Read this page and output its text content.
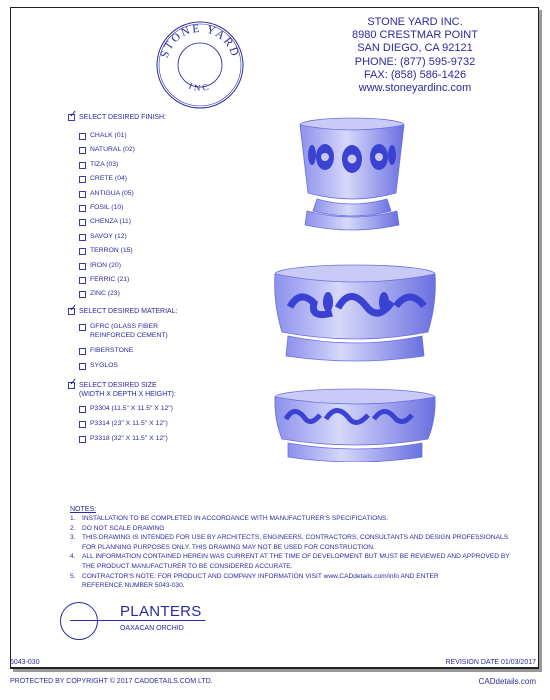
STONE YARD
INC
STONE YARD INC.
8980 CRESTMAR POINT
SAN DIEGO, CA 92121
PHONE: (877) 595-9732
FAX: (858) 586-1426
www.stoneyardinc.com
✓ SELECT DESIRED FINISH:
✓ SELECT DESIRED MATERIAL:
GFRC (GLASS FIBER
REINFORCED CEMENT)
FIBERSTONE
SYGLOS
✓ SELECT DESIRED SIZE
(WIDTH X DEPTH X HEIGHT):
P3304 (11.5" X 11.5" X 12")
P3314 (23" X 11.5" X 12")
P3318 (32" X 11.5" X 12")
NOTES:
1. INSTALLATION TO BE COMPLETED IN ACCORDANCE WITH MANUFACTURER'S SPECIFICATIONS.
2. DO NOT SCALE DRAWING
3. THIS DRAWING IS INTENDED FOR USE BY ARCHITECTS, ENGINEERS, CONTRACTORS, CONSULTANTS AND DESIGN PROFESSIONALS
FOR PLANNING PURPOSES ONLY. THIS DRAWING MAY NOT BE USED FOR CONSTRUCTION.
4. ALL INFORMATION CONTAINED HEREIN WAS CURRENT AT THE TIME OF DEVELOPMENT BUT MUST BE REVIEWED AND APPROVED BY
THE PRODUCT MANUFACTURER TO BE CONSIDERED ACCURATE.
5. CONTRACTOR'S NOTE: FOR PRODUCT AND COMPANY INFORMATION VISIT www.CADdetails.com/info AND ENTER
REFERENCE NUMBER 5043-030.
PLANTERS
OAXACAN ORCHID
5043-030	REVISION DATE 01/03/2017
PROTECTED BY COPYRIGHT © 2017 CADDETAILS.COM LTD.	CADdetails.com
CHALK (01)
NATURAL (02)
TIZA (03)
CRETE (04)
ANTIGUA (05)
FOSIL (10)
CHENZA (11)
SAVOY (12)
TERRON (15)
IRON (20)
FERRIC (21)
ZINC (23)
